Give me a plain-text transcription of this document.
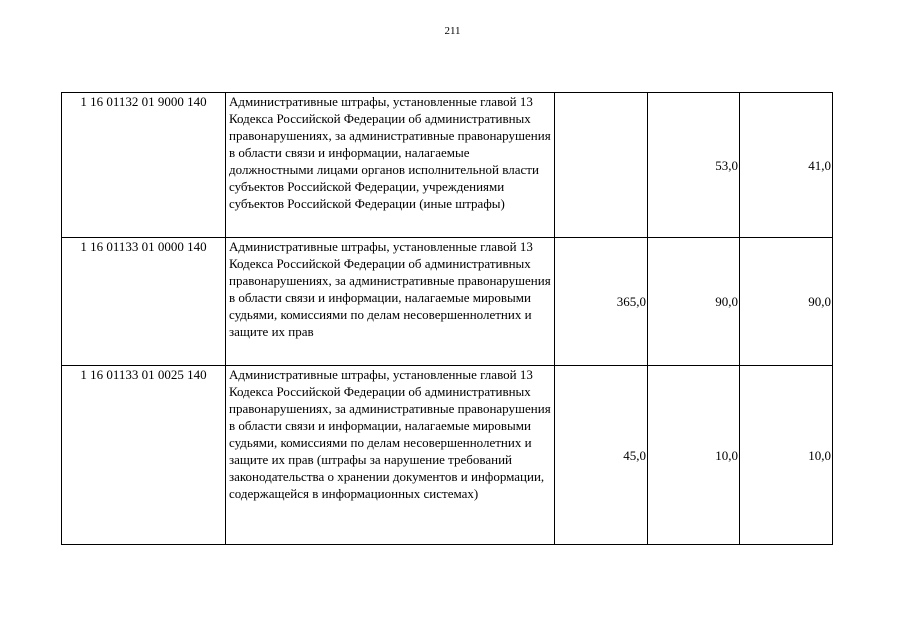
211
1 16 01132 01 9000 140	Административные штрафы, установленные главой 13 Кодекса Российской Федерации об административных правонарушениях, за административные правонарушения в области связи и информации, налагаемые должностными лицами органов исполнительной власти субъектов Российской Федерации, учреждениями субъектов Российской Федерации (иные штрафы)		53,0	41,0
1 16 01133 01 0000 140	Административные штрафы, установленные главой 13 Кодекса Российской Федерации об административных правонарушениях, за административные правонарушения в области связи и информации, налагаемые мировыми судьями, комиссиями по делам несовершеннолетних и защите их прав	365,0	90,0	90,0
1 16 01133 01 0025 140	Административные штрафы, установленные главой 13 Кодекса Российской Федерации об административных правонарушениях, за административные правонарушения в области связи и информации, налагаемые мировыми судьями, комиссиями по делам несовершеннолетних и защите их прав (штрафы за нарушение требований законодательства о хранении документов и информации, содержащейся в информационных системах)	45,0	10,0	10,0
